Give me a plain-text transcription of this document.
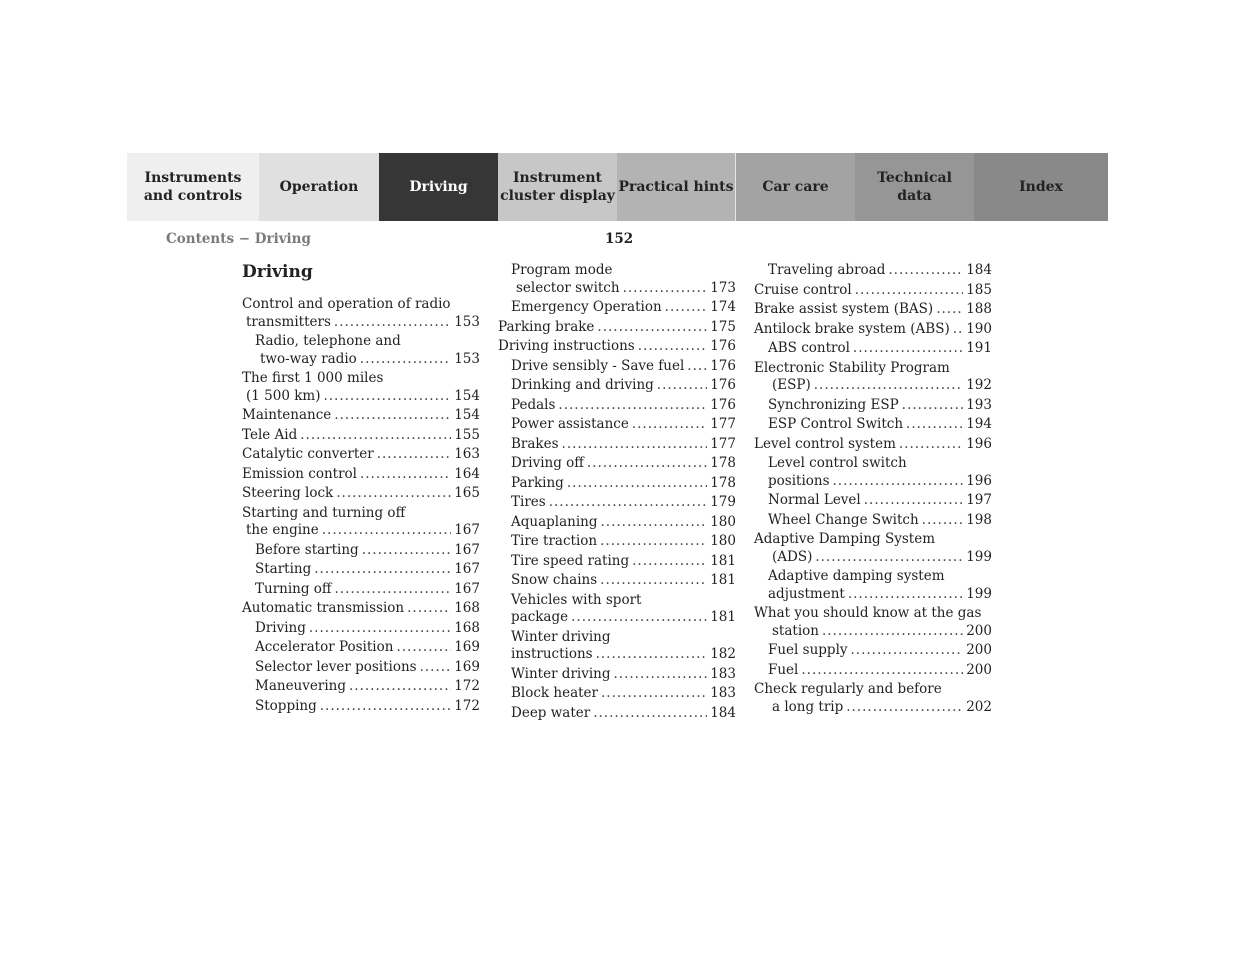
Instruments
and controls
Operation	Driving
Instrument
cluster display
Practical hints	Car care
Technical
data
Index
Contents − Driving	152
Driving
Control and operation of radio
transmitters .....	153
Radio, telephone and
two-way radio .....	153
The first 1 000 miles
(1 500 km) .....	154
Maintenance .....	154
Tele Aid .....	155
Catalytic converter .....	163
Emission control .....	164
Steering lock .....	165
Starting and turning off
the engine .....	167
Before starting .....	167
Starting .....	167
Turning off .....	167
Automatic transmission .....	168
Driving .....	168
Accelerator Position .....	169
Selector lever positions .....	169
Maneuvering .....	172
Stopping .....	172
Program mode
selector switch .....	173
Emergency Operation .....	174
Parking brake .....	175
Driving instructions .....	176
Drive sensibly - Save fuel ..... 176
Drinking and driving .....	176
Pedals .....	176
Power assistance .....	177
Brakes .....	177
Driving off .....	178
Parking .....	178
Tires .....	179
Aquaplaning .....	180
Tire traction .....	180
Tire speed rating .....	181
Snow chains .....	181
Vehicles with sport
package .....	181
Winter driving
instructions .....	182
Winter driving .....	183
Block heater .....	183
Deep water .....	184
Traveling abroad .....	184
Cruise control .....	185
Brake assist system (BAS) ..... 188
Antilock brake system (ABS) ..... 190
ABS control .....	191
Electronic Stability Program
(ESP) .....	192
Synchronizing ESP .....	193
ESP Control Switch .....	194
Level control system .....	196
Level control switch
positions .....	196
Normal Level .....	197
Wheel Change Switch .....	198
Adaptive Damping System
(ADS) .....	199
Adaptive damping system
adjustment .....	199
What you should know at the gas
station .....	200
Fuel supply .....	200
Fuel .....	200
Check regularly and before
a long trip .....	202
